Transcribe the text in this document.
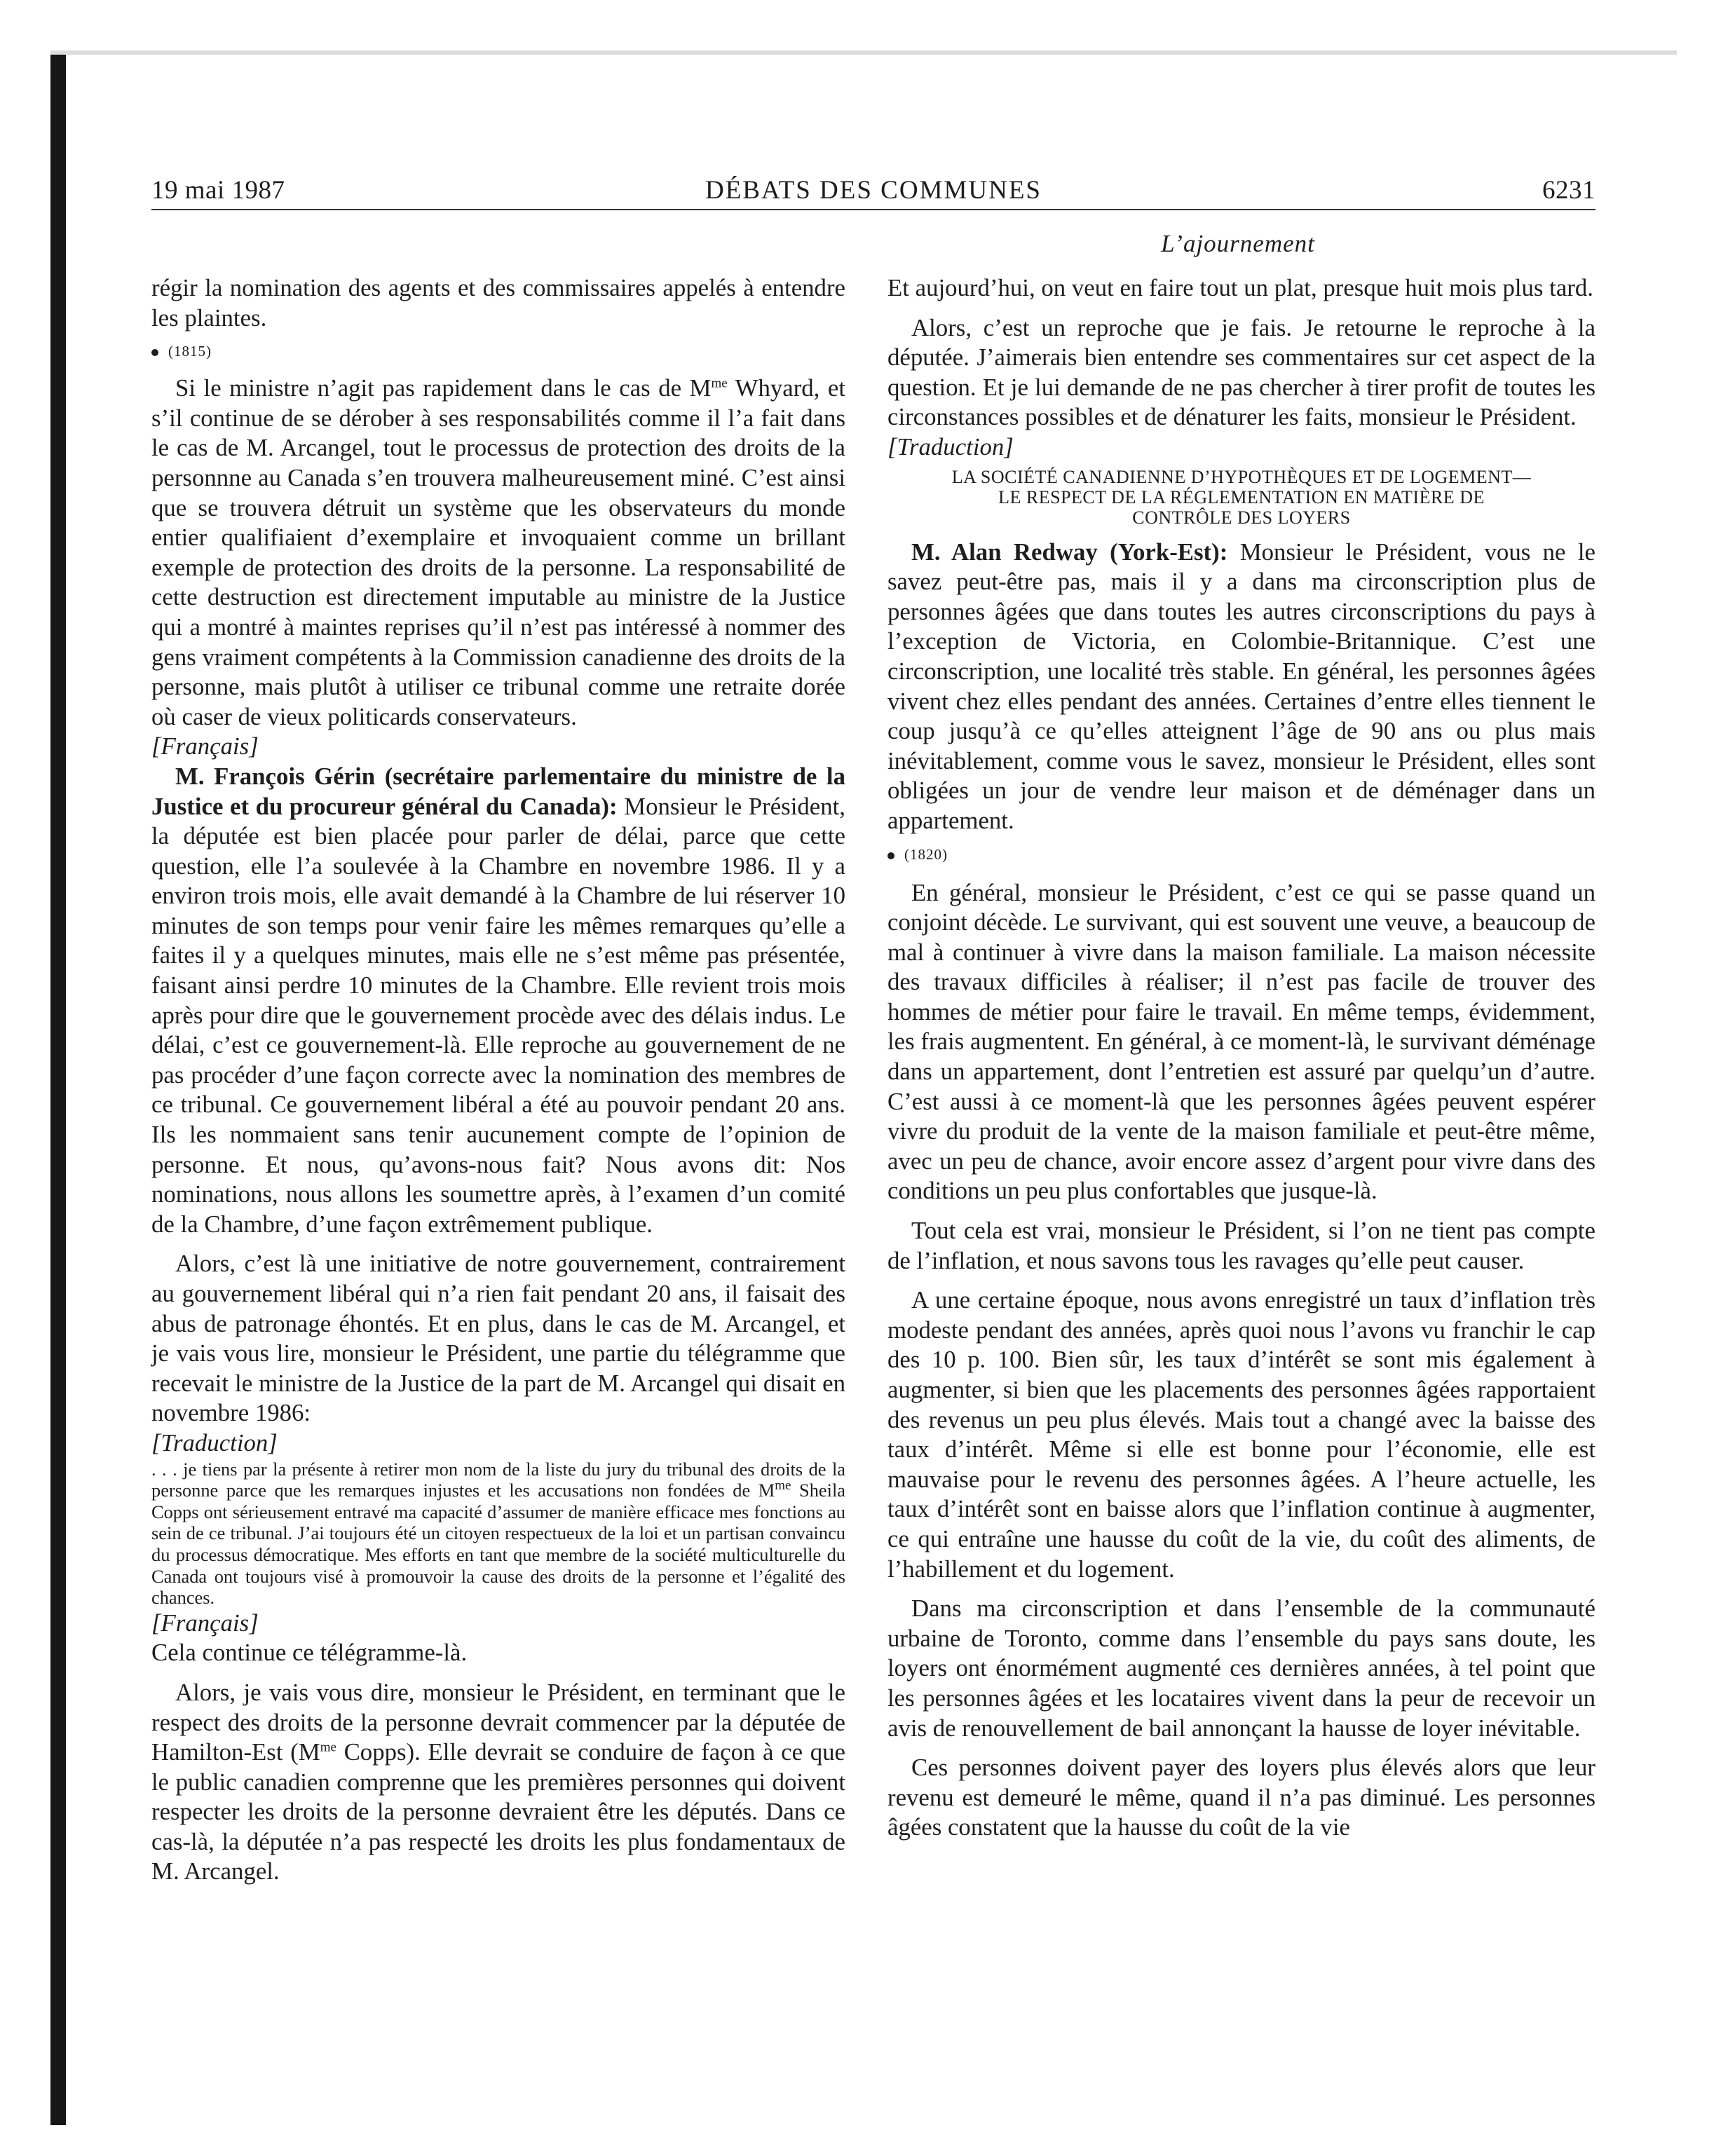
19 mai 1987	DÉBATS DES COMMUNES	6231
L’ajournement

régir la nomination des agents et des commissaires appelés à entendre les plaintes.

(1815)

Si le ministre n’agit pas rapidement dans le cas de $M^{me}$ Whyard, et s’il continue de se dérober à ses responsabilités comme il l’a fait dans le cas de M. Arcangel, tout le processus de protection des droits de la personnne au Canada s’en trouvera malheureusement miné. C’est ainsi que se trouvera détruit un système que les observateurs du monde entier qualifiaient d’exemplaire et invoquaient comme un brillant exemple de protection des droits de la personne. La responsabilité de cette destruction est directement imputable au ministre de la Justice qui a montré à maintes reprises qu’il n’est pas intéressé à nommer des gens vraiment compétents à la Commission canadienne des droits de la personne, mais plutôt à utiliser ce tribunal comme une retraite dorée où caser de vieux politicards conservateurs.

[Français]

M. François Gérin (secrétaire parlementaire du ministre de la Justice et du procureur général du Canada): Monsieur le Président, la députée est bien placée pour parler de délai, parce que cette question, elle l’a soulevée à la Chambre en novembre 1986. Il y a environ trois mois, elle avait demandé à la Chambre de lui réserver 10 minutes de son temps pour venir faire les mêmes remarques qu’elle a faites il y a quelques minutes, mais elle ne s’est même pas présentée, faisant ainsi perdre 10 minutes de la Chambre. Elle revient trois mois après pour dire que le gouvernement procède avec des délais indus. Le délai, c’est ce gouvernement-là. Elle reproche au gouvernement de ne pas procéder d’une façon correcte avec la nomination des membres de ce tribunal. Ce gouvernement libéral a été au pouvoir pendant 20 ans. Ils les nommaient sans tenir aucunement compte de l’opinion de personne. Et nous, qu’avons-nous fait? Nous avons dit: Nos nominations, nous allons les soumettre après, à l’examen d’un comité de la Chambre, d’une façon extrêmement publique.

Alors, c’est là une initiative de notre gouvernement, contrairement au gouvernement libéral qui n’a rien fait pendant 20 ans, il faisait des abus de patronage éhontés. Et en plus, dans le cas de M. Arcangel, et je vais vous lire, monsieur le Président, une partie du télégramme que recevait le ministre de la Justice de la part de M. Arcangel qui disait en novembre 1986:

[Traduction]

. . . je tiens par la présente à retirer mon nom de la liste du jury du tribunal des droits de la personne parce que les remarques injustes et les accusations non fondées de $M^{me}$ Sheila Copps ont sérieusement entravé ma capacité d’assumer de manière efficace mes fonctions au sein de ce tribunal. J’ai toujours été un citoyen respectueux de la loi et un partisan convaincu du processus démocratique. Mes efforts en tant que membre de la société multiculturelle du Canada ont toujours visé à promouvoir la cause des droits de la personne et l’égalité des chances.

[Français]

Cela continue ce télégramme-là.

Alors, je vais vous dire, monsieur le Président, en terminant que le respect des droits de la personne devrait commencer par la députée de Hamilton-Est ($M^{me}$ Copps). Elle devrait se conduire de façon à ce que le public canadien comprenne que les premières personnes qui doivent respecter les droits de la personne devraient être les députés. Dans ce cas-là, la députée n’a pas respecté les droits les plus fondamentaux de M. Arcangel.

Et aujourd’hui, on veut en faire tout un plat, presque huit mois plus tard.

Alors, c’est un reproche que je fais. Je retourne le reproche à la députée. J’aimerais bien entendre ses commentaires sur cet aspect de la question. Et je lui demande de ne pas chercher à tirer profit de toutes les circonstances possibles et de dénaturer les faits, monsieur le Président.

[Traduction]

LA SOCIÉTÉ CANADIENNE D’HYPOTHÈQUES ET DE LOGEMENT—
LE RESPECT DE LA RÉGLEMENTATION EN MATIÈRE DE
CONTRÔLE DES LOYERS

M. Alan Redway (York-Est): Monsieur le Président, vous ne le savez peut-être pas, mais il y a dans ma circonscription plus de personnes âgées que dans toutes les autres circonscriptions du pays à l’exception de Victoria, en Colombie-Britannique. C’est une circonscription, une localité très stable. En général, les personnes âgées vivent chez elles pendant des années. Certaines d’entre elles tiennent le coup jusqu’à ce qu’elles atteignent l’âge de 90 ans ou plus mais inévitablement, comme vous le savez, monsieur le Président, elles sont obligées un jour de vendre leur maison et de déménager dans un appartement.

(1820)

En général, monsieur le Président, c’est ce qui se passe quand un conjoint décède. Le survivant, qui est souvent une veuve, a beaucoup de mal à continuer à vivre dans la maison familiale. La maison nécessite des travaux difficiles à réaliser; il n’est pas facile de trouver des hommes de métier pour faire le travail. En même temps, évidemment, les frais augmentent. En général, à ce moment-là, le survivant déménage dans un appartement, dont l’entretien est assuré par quelqu’un d’autre. C’est aussi à ce moment-là que les personnes âgées peuvent espérer vivre du produit de la vente de la maison familiale et peut-être même, avec un peu de chance, avoir encore assez d’argent pour vivre dans des conditions un peu plus confortables que jusque-là.

Tout cela est vrai, monsieur le Président, si l’on ne tient pas compte de l’inflation, et nous savons tous les ravages qu’elle peut causer.

A une certaine époque, nous avons enregistré un taux d’inflation très modeste pendant des années, après quoi nous l’avons vu franchir le cap des 10 p. 100. Bien sûr, les taux d’intérêt se sont mis également à augmenter, si bien que les placements des personnes âgées rapportaient des revenus un peu plus élevés. Mais tout a changé avec la baisse des taux d’intérêt. Même si elle est bonne pour l’économie, elle est mauvaise pour le revenu des personnes âgées. A l’heure actuelle, les taux d’intérêt sont en baisse alors que l’inflation continue à augmenter, ce qui entraîne une hausse du coût de la vie, du coût des aliments, de l’habillement et du logement.

Dans ma circonscription et dans l’ensemble de la communauté urbaine de Toronto, comme dans l’ensemble du pays sans doute, les loyers ont énormément augmenté ces dernières années, à tel point que les personnes âgées et les locataires vivent dans la peur de recevoir un avis de renouvellement de bail annonçant la hausse de loyer inévitable.

Ces personnes doivent payer des loyers plus élevés alors que leur revenu est demeuré le même, quand il n’a pas diminué. Les personnes âgées constatent que la hausse du coût de la vie
